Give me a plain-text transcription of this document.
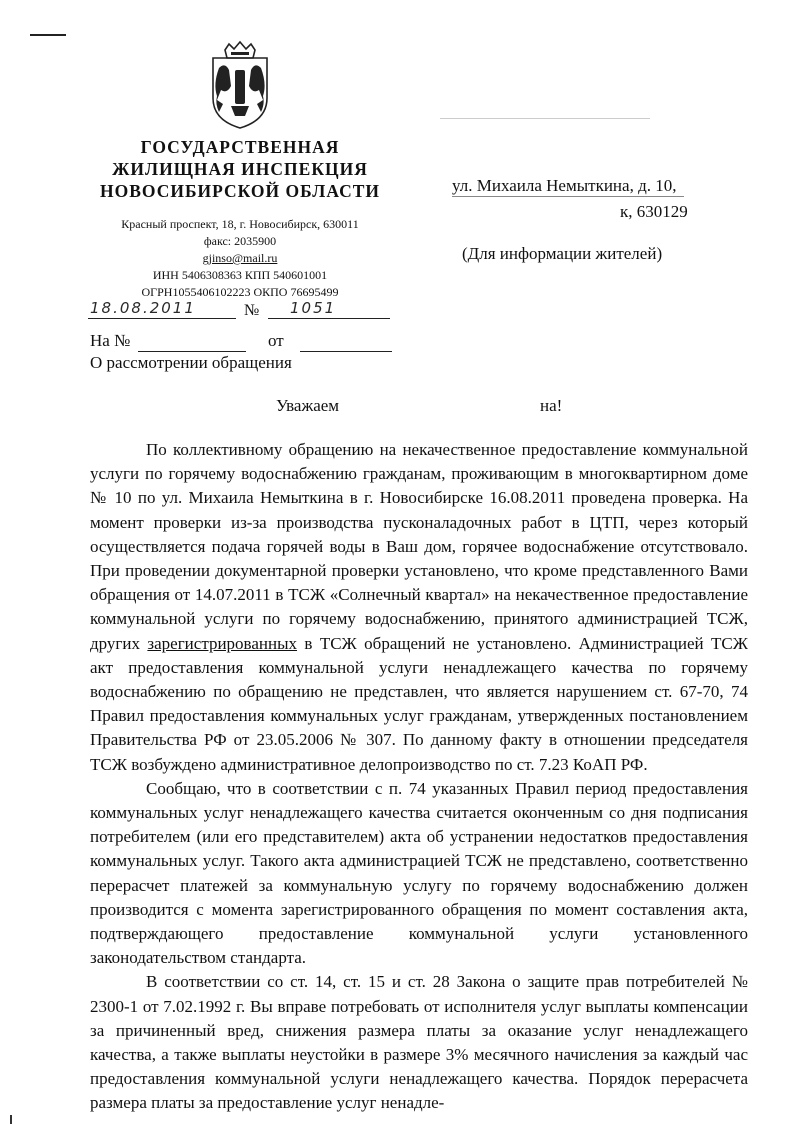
ГОСУДАРСТВЕННАЯ
ЖИЛИЩНАЯ ИНСПЕКЦИЯ
НОВОСИБИРСКОЙ ОБЛАСТИ
Красный проспект, 18, г. Новосибирск, 630011
факс: 2035900
gjinso@mail.ru
ИНН 5406308363 КПП 540601001
ОГРН1055406102223 ОКПО 76695499
18.08.2011	№ 1051
На №	от
О рассмотрении обращения
ул. Михаила Немыткина, д. 10,
к, 630129
(Для информации жителей)
Уважаем	на!

По коллективному обращению на некачественное предоставление коммунальной услуги по горячему водоснабжению гражданам, проживающим в многоквартирном доме № 10 по ул. Михаила Немыткина в г. Новосибирске 16.08.2011 проведена проверка. На момент проверки из-за производства пусконаладочных работ в ЦТП, через который осуществляется подача горячей воды в Ваш дом, горячее водоснабжение отсутствовало. При проведении документарной проверки установлено, что кроме представленного Вами обращения от 14.07.2011 в ТСЖ «Солнечный квартал» на некачественное предоставление коммунальной услуги по горячему водоснабжению, принятого администрацией ТСЖ, других зарегистрированных в ТСЖ обращений не установлено. Администрацией ТСЖ акт предоставления коммунальной услуги ненадлежащего качества по горячему водоснабжению по обращению не представлен, что является нарушением ст. 67-70, 74 Правил предоставления коммунальных услуг гражданам, утвержденных постановлением Правительства РФ от 23.05.2006 № 307. По данному факту в отношении председателя ТСЖ возбуждено административное делопроизводство по ст. 7.23 КоАП РФ.

Сообщаю, что в соответствии с п. 74 указанных Правил период предоставления коммунальных услуг ненадлежащего качества считается оконченным со дня подписания потребителем (или его представителем) акта об устранении недостатков предоставления коммунальных услуг. Такого акта администрацией ТСЖ не представлено, соответственно перерасчет платежей за коммунальную услугу по горячему водоснабжению должен производится с момента зарегистрированного обращения по момент составления акта, подтверждающего предоставление коммунальной услуги установленного законодательством стандарта.

В соответствии со ст. 14, ст. 15 и ст. 28 Закона о защите прав потребителей № 2300-1 от 7.02.1992 г. Вы вправе потребовать от исполнителя услуг выплаты компенсации за причиненный вред, снижения размера платы за оказание услуг ненадлежащего качества, а также выплаты неустойки в размере 3% месячного начисления за каждый час предоставления коммунальной услуги ненадлежащего качества. Порядок перерасчета размера платы за предоставление услуг ненадле-
